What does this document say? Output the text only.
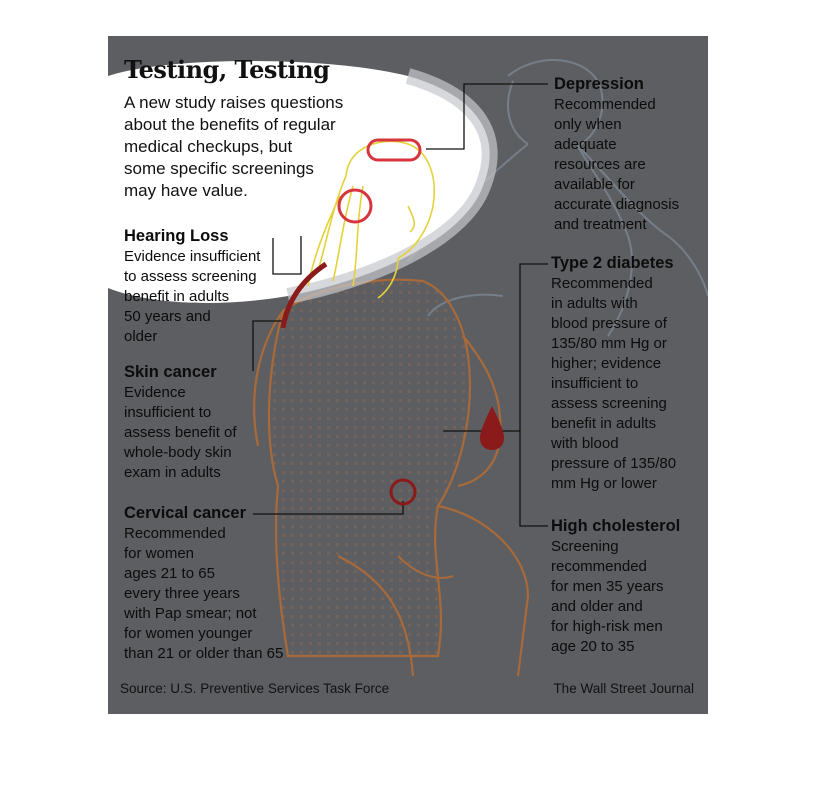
Testing, Testing

A new study raises questions
about the benefits of regular
medical checkups, but
some specific screenings
may have value.

Hearing Loss
Evidence insufficient
to assess screening
benefit in adults
50 years and
older
Skin cancer
Evidence
insufficient to
assess benefit of
whole-body skin
exam in adults
Cervical cancer
Recommended
for women
ages 21 to 65
every three years
with Pap smear; not
for women younger
than 21 or older than 65
Depression
Recommended
only when
adequate
resources are
available for
accurate diagnosis
and treatment
Type 2 diabetes
Recommended
in adults with
blood pressure of
135/80 mm Hg or
higher; evidence
insufficient to
assess screening
benefit in adults
with blood
pressure of 135/80
mm Hg or lower
High cholesterol
Screening
recommended
for men 35 years
and older and
for high-risk men
age 20 to 35

Source: U.S. Preventive Services Task Force	The Wall Street Journal
